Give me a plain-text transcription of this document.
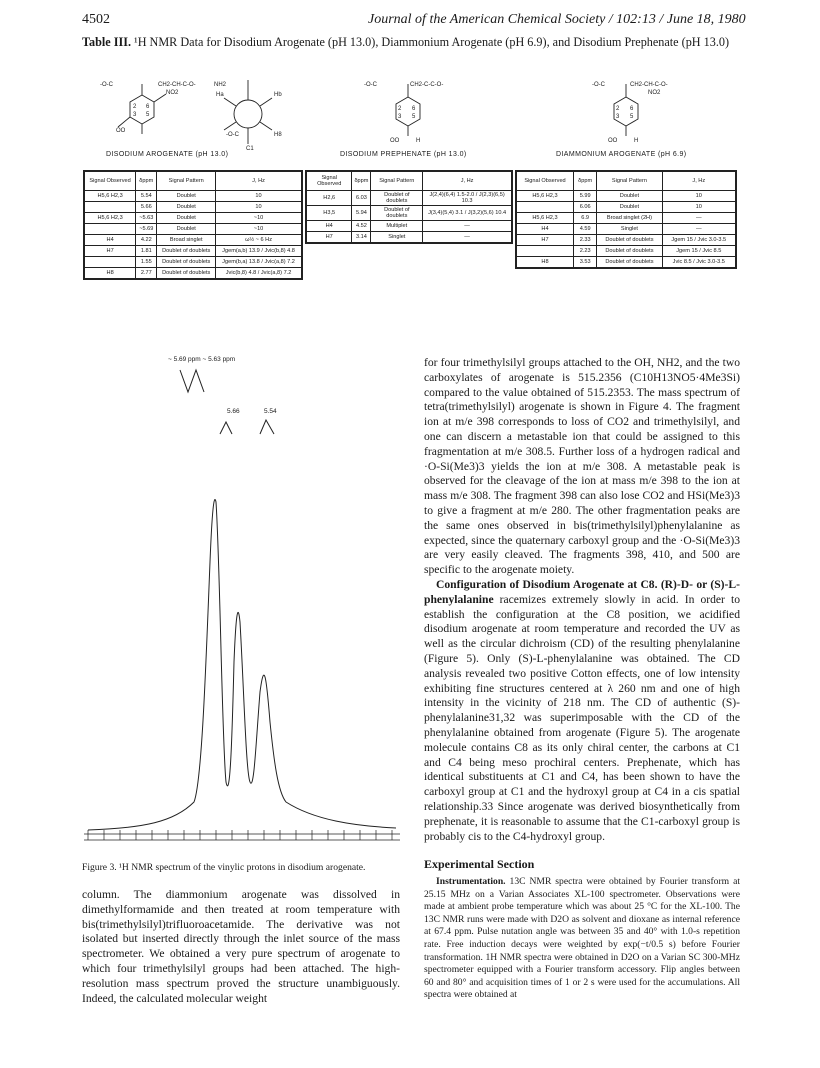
4502	Journal of the American Chemical Society / 102:13 / June 18, 1980
Table III. ¹H NMR Data for Disodium Arogenate (pH 13.0), Diammonium Arogenate (pH 6.9), and Disodium Prephenate (pH 13.0)
-O-C	CH2-CH-C-O-	NH2
NO2
2
3
6
5
OO
Ha	Hb
-O-C	H8
C1
-O-C	CH2-C-C-O-
2 6
3 5
OO	H
-O-C	CH2-CH-C-O-
NO2
2 6
3 5
OO	H
DISODIUM AROGENATE (pH 13.0)	DISODIUM PREPHENATE (pH 13.0)	DIAMMONIUM AROGENATE (pH 6.9)
Signal Observed	δppm	Signal Pattern	J, Hz
H5,6 H2,3	5.54	Doublet	10
	5.66	Doublet	10
H5,6 H2,3	~5.63	Doublet	~10
	~5.69	Doublet	~10
H4	4.22	Broad singlet	ω½ ~ 6 Hz
H7	1.81	Doublet of doublets	Jgem(a,b) 13.9 / Jvic(b,8) 4.8
	1.55	Doublet of doublets	Jgem(b,a) 13.8 / Jvic(a,8) 7.2
H8	2.77	Doublet of doublets	Jvic(b,8) 4.8 / Jvic(a,8) 7.2
Signal Observed	δppm	Signal Pattern	J, Hz
H2,6	6.03	Doublet of doublets	J(2,4)(6,4) 1.5-2.0 / J(2,3)(6,5) 10.3
H3,5	5.94	Doublet of doublets	J(3,4)(5,4) 3.1 / J(3,2)(5,6) 10.4
H4	4.52	Multiplet	—
H7	3.14	Singlet	—
Signal Observed	δppm	Signal Pattern	J, Hz
H5,6 H2,3	5.99	Doublet	10
	6.06	Doublet	10
H5,6 H2,3	6.9	Broad singlet (2H)	—
H4	4.59	Singlet	—
H7	2.33	Doublet of doublets	Jgem 15 / Jvic 3.0-3.5
	2.23	Doublet of doublets	Jgem 15 / Jvic 8.5
H8	3.53	Doublet of doublets	Jvic 8.5 / Jvic 3.0-3.5
~ 5.69 ppm ~ 5.63 ppm
5.66	5.54
Figure 3. ¹H NMR spectrum of the vinylic protons in disodium arogenate.

column. The diammonium arogenate was dissolved in dimethylformamide and then treated at room temperature with bis(trimethylsilyl)trifluoroacetamide. The derivative was not isolated but inserted directly through the inlet source of the mass spectrometer. We obtained a very pure spectrum of arogenate to which four trimethylsilyl groups had been attached. The high-resolution mass spectrum proved the structure unambiguously. Indeed, the calculated molecular weight

for four trimethylsilyl groups attached to the OH, NH2, and the two carboxylates of arogenate is 515.2356 (C10H13NO5·4Me3Si) compared to the value obtained of 515.2353. The mass spectrum of tetra(trimethylsilyl) arogenate is shown in Figure 4. The fragment ion at m/e 398 corresponds to loss of CO2 and trimethylsilyl, and one can discern a metastable ion that could be assigned to this fragmentation at m/e 308.5. Further loss of a hydrogen radical and ·O-Si(Me3)3 yields the ion at m/e 308. A metastable peak is observed for the cleavage of the ion at mass m/e 398 to the ion at mass m/e 308. The fragment 398 can also lose CO2 and HSi(Me3)3 to give a fragment at m/e 280. The other fragmentation peaks are the same ones observed in bis(trimethylsilyl)phenylalanine as expected, since the quaternary carboxyl group and the ·O-Si(Me3)3 are very easily cleaved. The fragments 398, 410, and 500 are specific to the arogenate moiety.

Configuration of Disodium Arogenate at C8. (R)-D- or (S)-L-phenylalanine racemizes extremely slowly in acid. In order to establish the configuration at the C8 position, we acidified disodium arogenate at room temperature and recorded the UV as well as the circular dichroism (CD) of the resulting phenylalanine (Figure 5). Only (S)-L-phenylalanine was obtained. The CD analysis revealed two positive Cotton effects, one of low intensity exhibiting fine structures centered at λ 260 nm and one of high intensity in the vicinity of 218 nm. The CD of authentic (S)-phenylalanine31,32 was superimposable with the CD of the phenylalanine obtained from arogenate (Figure 5). The arogenate molecule contains C8 as its only chiral center, the carbons at C1 and C4 being meso prochiral centers. Prephenate, which has identical substituents at C1 and C4, has been shown to have the carboxyl group at C1 and the hydroxyl group at C4 in a cis spatial relationship.33 Since arogenate was derived biosynthetically from prephenate, it is reasonable to assume that the C1-carboxyl group is probably cis to the C4-hydroxyl group.

Experimental Section
Instrumentation. 13C NMR spectra were obtained by Fourier transform at 25.15 MHz on a Varian Associates XL-100 spectrometer. Observations were made at ambient probe temperature which was about 25 °C for the XL-100. The 13C NMR runs were made with D2O as solvent and dioxane as internal reference at 67.4 ppm. Pulse nutation angle was between 35 and 40° with 1.0-s repetition rate. Free induction decays were weighted by exp(−t/0.5 s) before Fourier transformation. 1H NMR spectra were obtained in D2O on a Varian SC 300-MHz spectrometer equipped with a Fourier transform accessory. Flip angles between 60 and 80° and acquisition times of 1 or 2 s were used for the accumulations. All spectra were obtained at
